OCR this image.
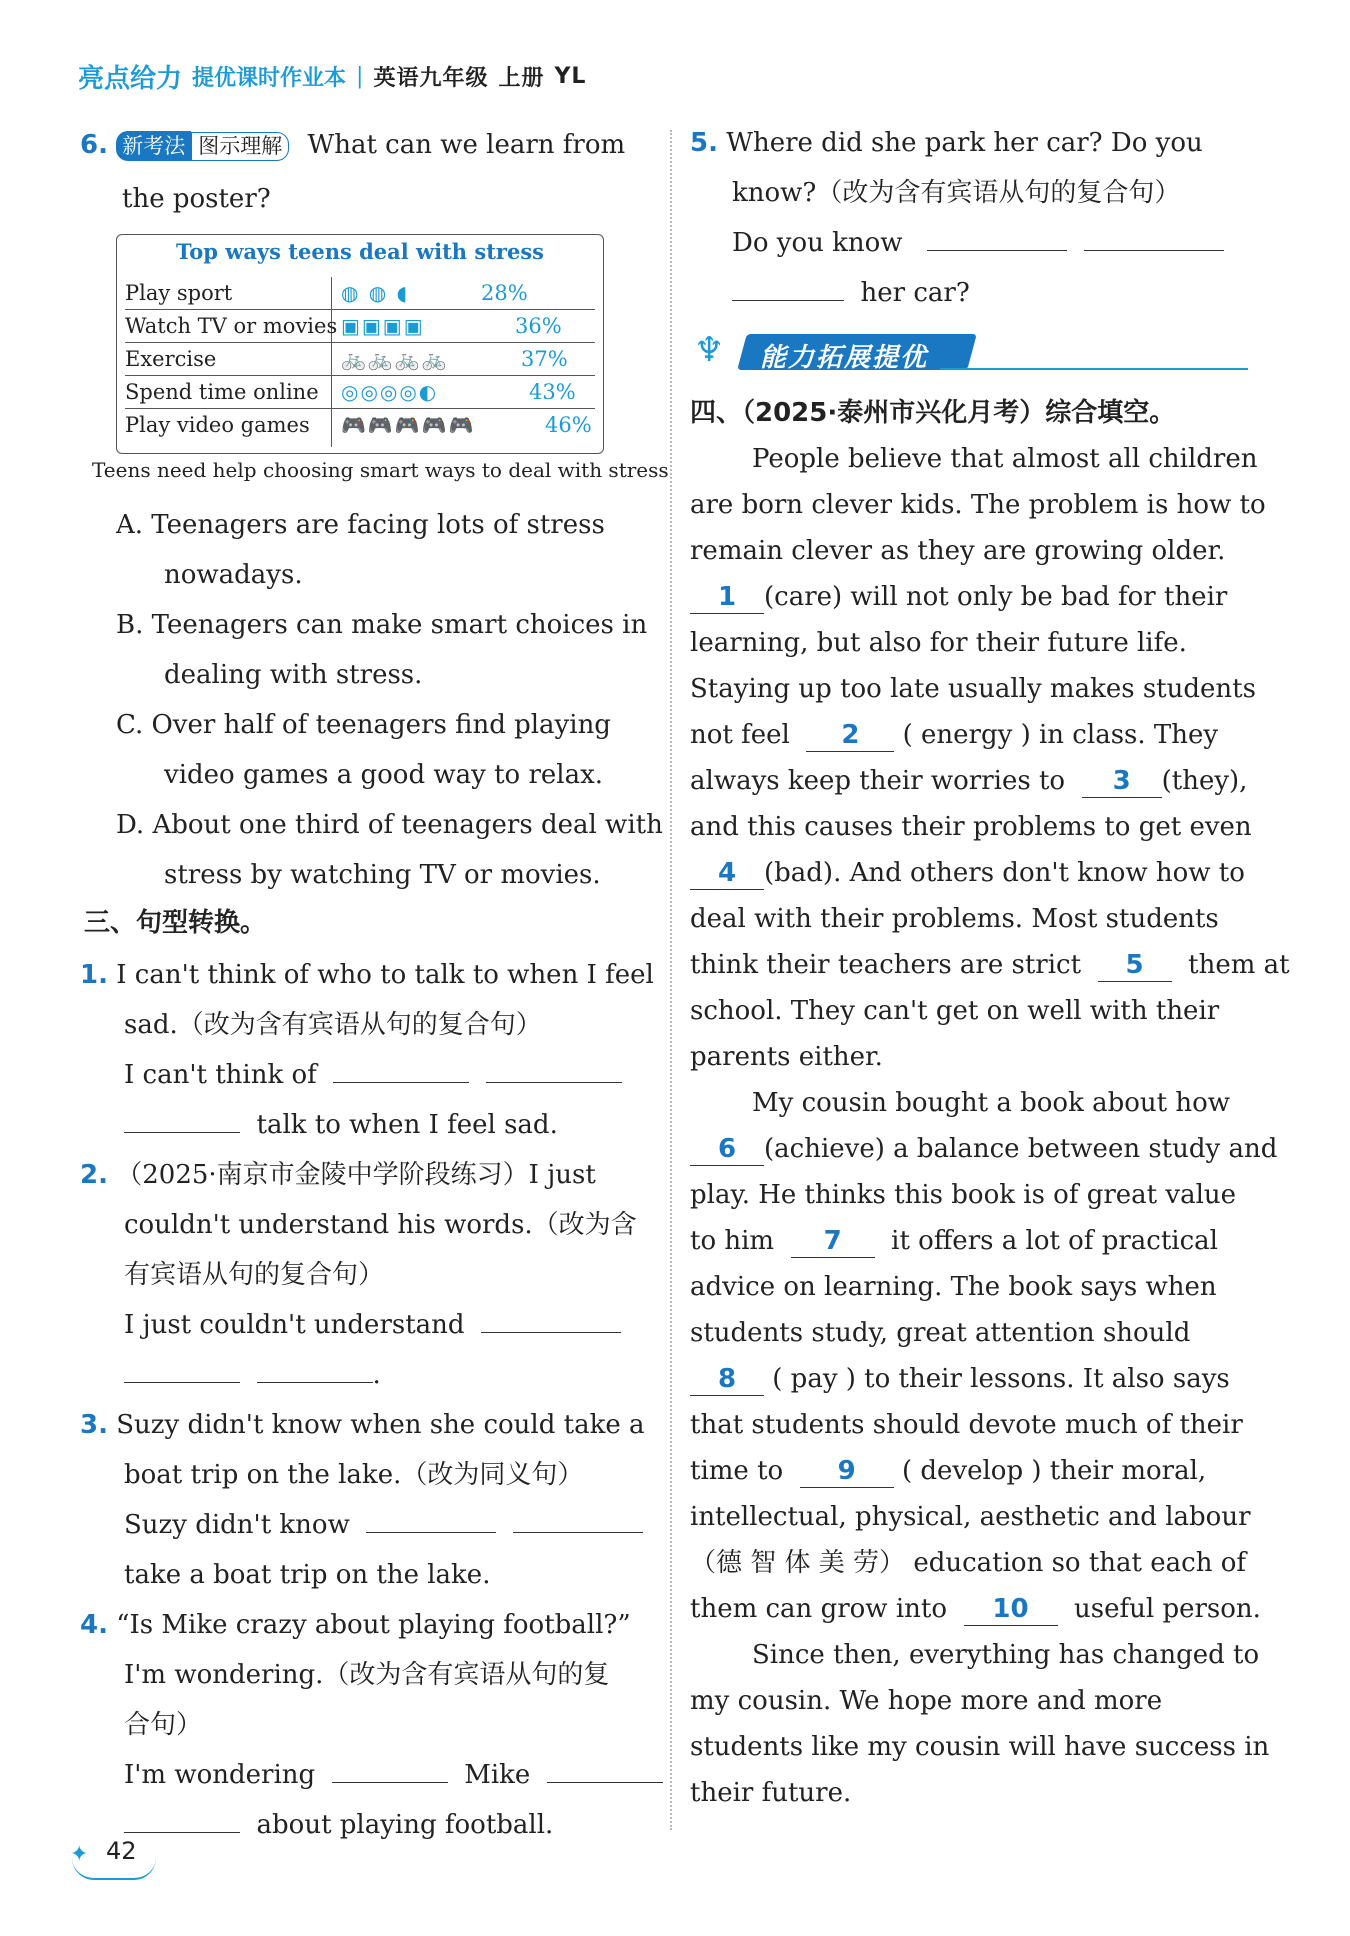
亮点给力 提优课时作业本 | 英语九年级 上册 YL
6. 新考法 图示理解 What can we learn from
the poster?
Top ways teens deal with stress
Play sport	◍ ◍ ◖	28%
Watch TV or movies ▣▣▣▣	36%
Exercise	🚲🚲🚲🚲	37%
Spend time online ◎◎◎◎◐	43%
Play video games 🎮🎮🎮🎮🎮	46%
Teens need help choosing smart ways to deal with stress
A. Teenagers are facing lots of stress
nowadays.
B. Teenagers can make smart choices in
dealing with stress.
C. Over half of teenagers find playing
video games a good way to relax.
D. About one third of teenagers deal with
stress by watching TV or movies.
三、句型转换。
1. I can't think of who to talk to when I feel
sad.（改为含有宾语从句的复合句）
I can't think of
talk to when I feel sad.
2. （2025·南京市金陵中学阶段练习）I just
couldn't understand his words.（改为含
有宾语从句的复合句）
I just couldn't understand
.
3. Suzy didn't know when she could take a
boat trip on the lake.（改为同义句）
Suzy didn't know
take a boat trip on the lake.
4. “Is Mike crazy about playing football?”
I'm wondering.（改为含有宾语从句的复
合句）
I'm wondering	Mike
about playing football.
5. Where did she park her car? Do you
know?（改为含有宾语从句的复合句）
Do you know
her car?
♆ 能力拓展提优
四、（2025·泰州市兴化月考）综合填空。
People believe that almost all children
are born clever kids. The problem is how to
remain clever as they are growing older.
1 (care) will not only be bad for their
learning, but also for their future life.
Staying up too late usually makes students
not feel 2 ( energy ) in class. They
always keep their worries to 3 (they),
and this causes their problems to get even
4 (bad). And others don't know how to
deal with their problems. Most students
think their teachers are strict 5 them at
school. They can't get on well with their
parents either.
My cousin bought a book about how
6 (achieve) a balance between study and
play. He thinks this book is of great value
to him 7 it offers a lot of practical
advice on learning. The book says when
students study, great attention should
8 ( pay ) to their lessons. It also says
that students should devote much of their
time to 9 ( develop ) their moral,
intellectual, physical, aesthetic and labour
（德 智 体 美 劳） education so that each of
them can grow into 10 useful person.
Since then, everything has changed to
my cousin. We hope more and more
students like my cousin will have success in
their future.
✦ 42
